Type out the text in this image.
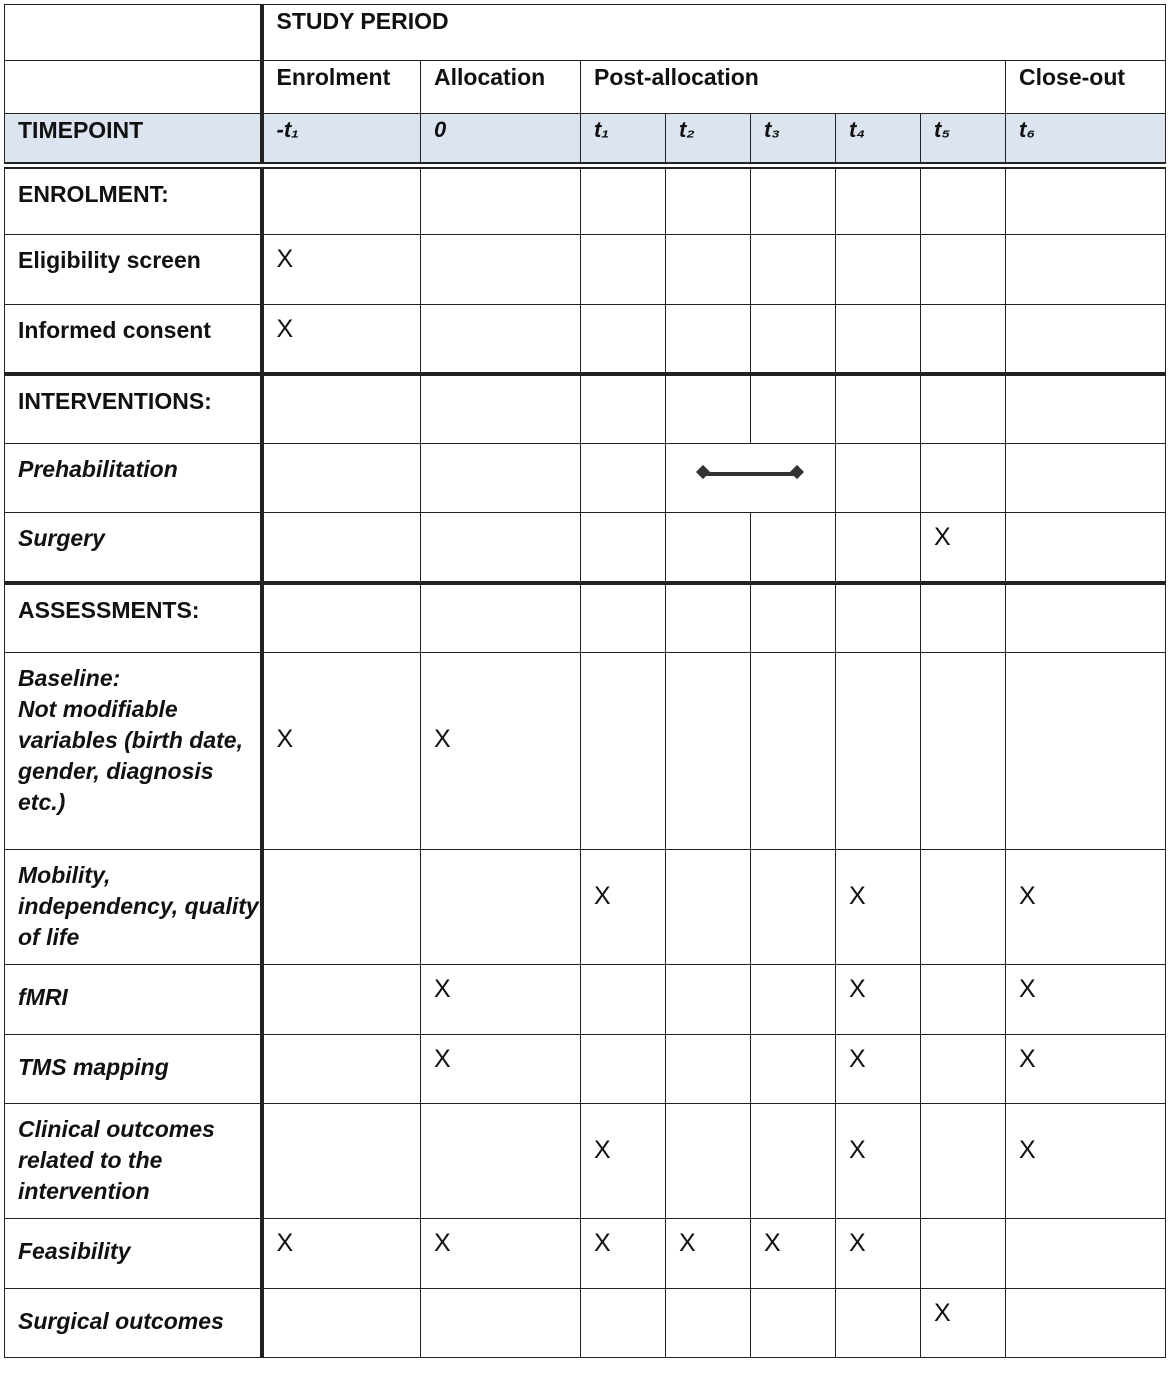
	STUDY PERIOD							

	Enrolment	Allocation	Post-allocation					Close-out

TIMEPOINT	-t₁	0	t₁	t₂	t₃	t₄	t₅	t₆

ENROLMENT:								

Eligibility screen	X							

Informed consent	X							

INTERVENTIONS:								

Prehabilitation								

Surgery							X	

ASSESSMENTS:								

Baseline:
Not modifiable variables (birth date, gender, diagnosis etc.)	X	X						

Mobility, independency, quality of life			X			X		X

fMRI		X				X		X

TMS mapping		X				X		X

Clinical outcomes related to the intervention			X			X		X

Feasibility	X	X	X	X	X	X		

Surgical outcomes							X	
